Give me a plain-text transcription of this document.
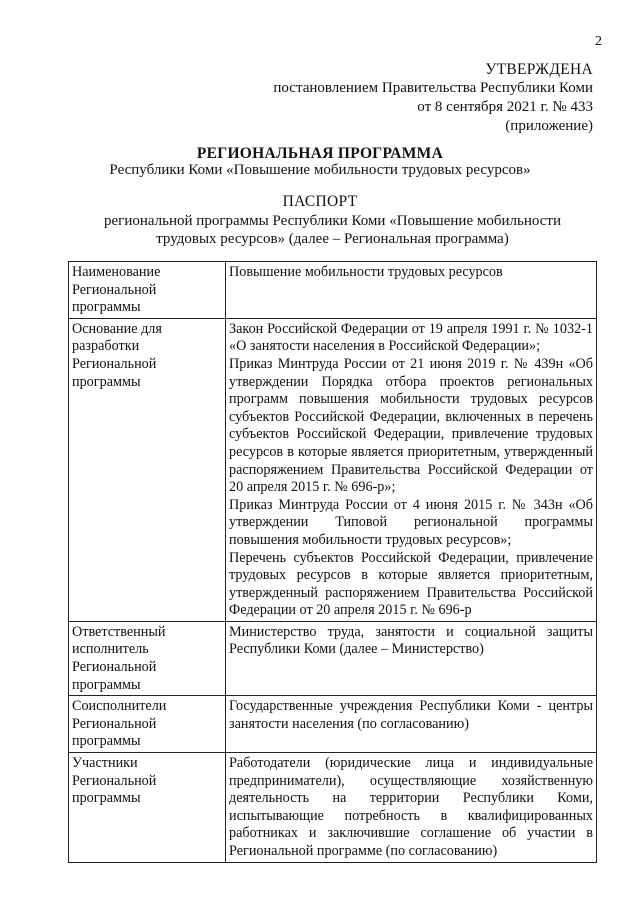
2
УТВЕРЖДЕНА
постановлением Правительства Республики Коми
от 8 сентября 2021 г. № 433
(приложение)
РЕГИОНАЛЬНАЯ ПРОГРАММА
Республики Коми «Повышение мобильности трудовых ресурсов»
ПАСПОРТ
региональной программы Республики Коми «Повышение мобильности трудовых ресурсов» (далее – Региональная программа)
Наименование Региональной программы	Повышение мобильности трудовых ресурсов

Основание для разработки Региональной программы	Закон Российской Федерации от 19 апреля 1991 г. № 1032-1 «О занятости населения в Российской Федерации»;
Приказ Минтруда России от 21 июня 2019 г. № 439н «Об утверждении Порядка отбора проектов региональных программ повышения мобильности трудовых ресурсов субъектов Российской Федерации, включенных в перечень субъектов Российской Федерации, привлечение трудовых ресурсов в которые является приоритетным, утвержденный распоряжением Правительства Российской Федерации от 20 апреля 2015 г. № 696-р»;
Приказ Минтруда России от 4 июня 2015 г. № 343н «Об утверждении Типовой региональной программы повышения мобильности трудовых ресурсов»;
Перечень субъектов Российской Федерации, привлечение трудовых ресурсов в которые является приоритетным, утвержденный распоряжением Правительства Российской Федерации от 20 апреля 2015 г. № 696-р

Ответственный исполнитель Региональной программы	Министерство труда, занятости и социальной защиты Республики Коми (далее – Министерство)

Соисполнители Региональной программы	Государственные учреждения Республики Коми - центры занятости населения (по согласованию)

Участники Региональной программы	Работодатели (юридические лица и индивидуальные предприниматели), осуществляющие хозяйственную деятельность на территории Республики Коми, испытывающие потребность в квалифицированных работниках и заключившие соглашение об участии в Региональной программе (по согласованию)
